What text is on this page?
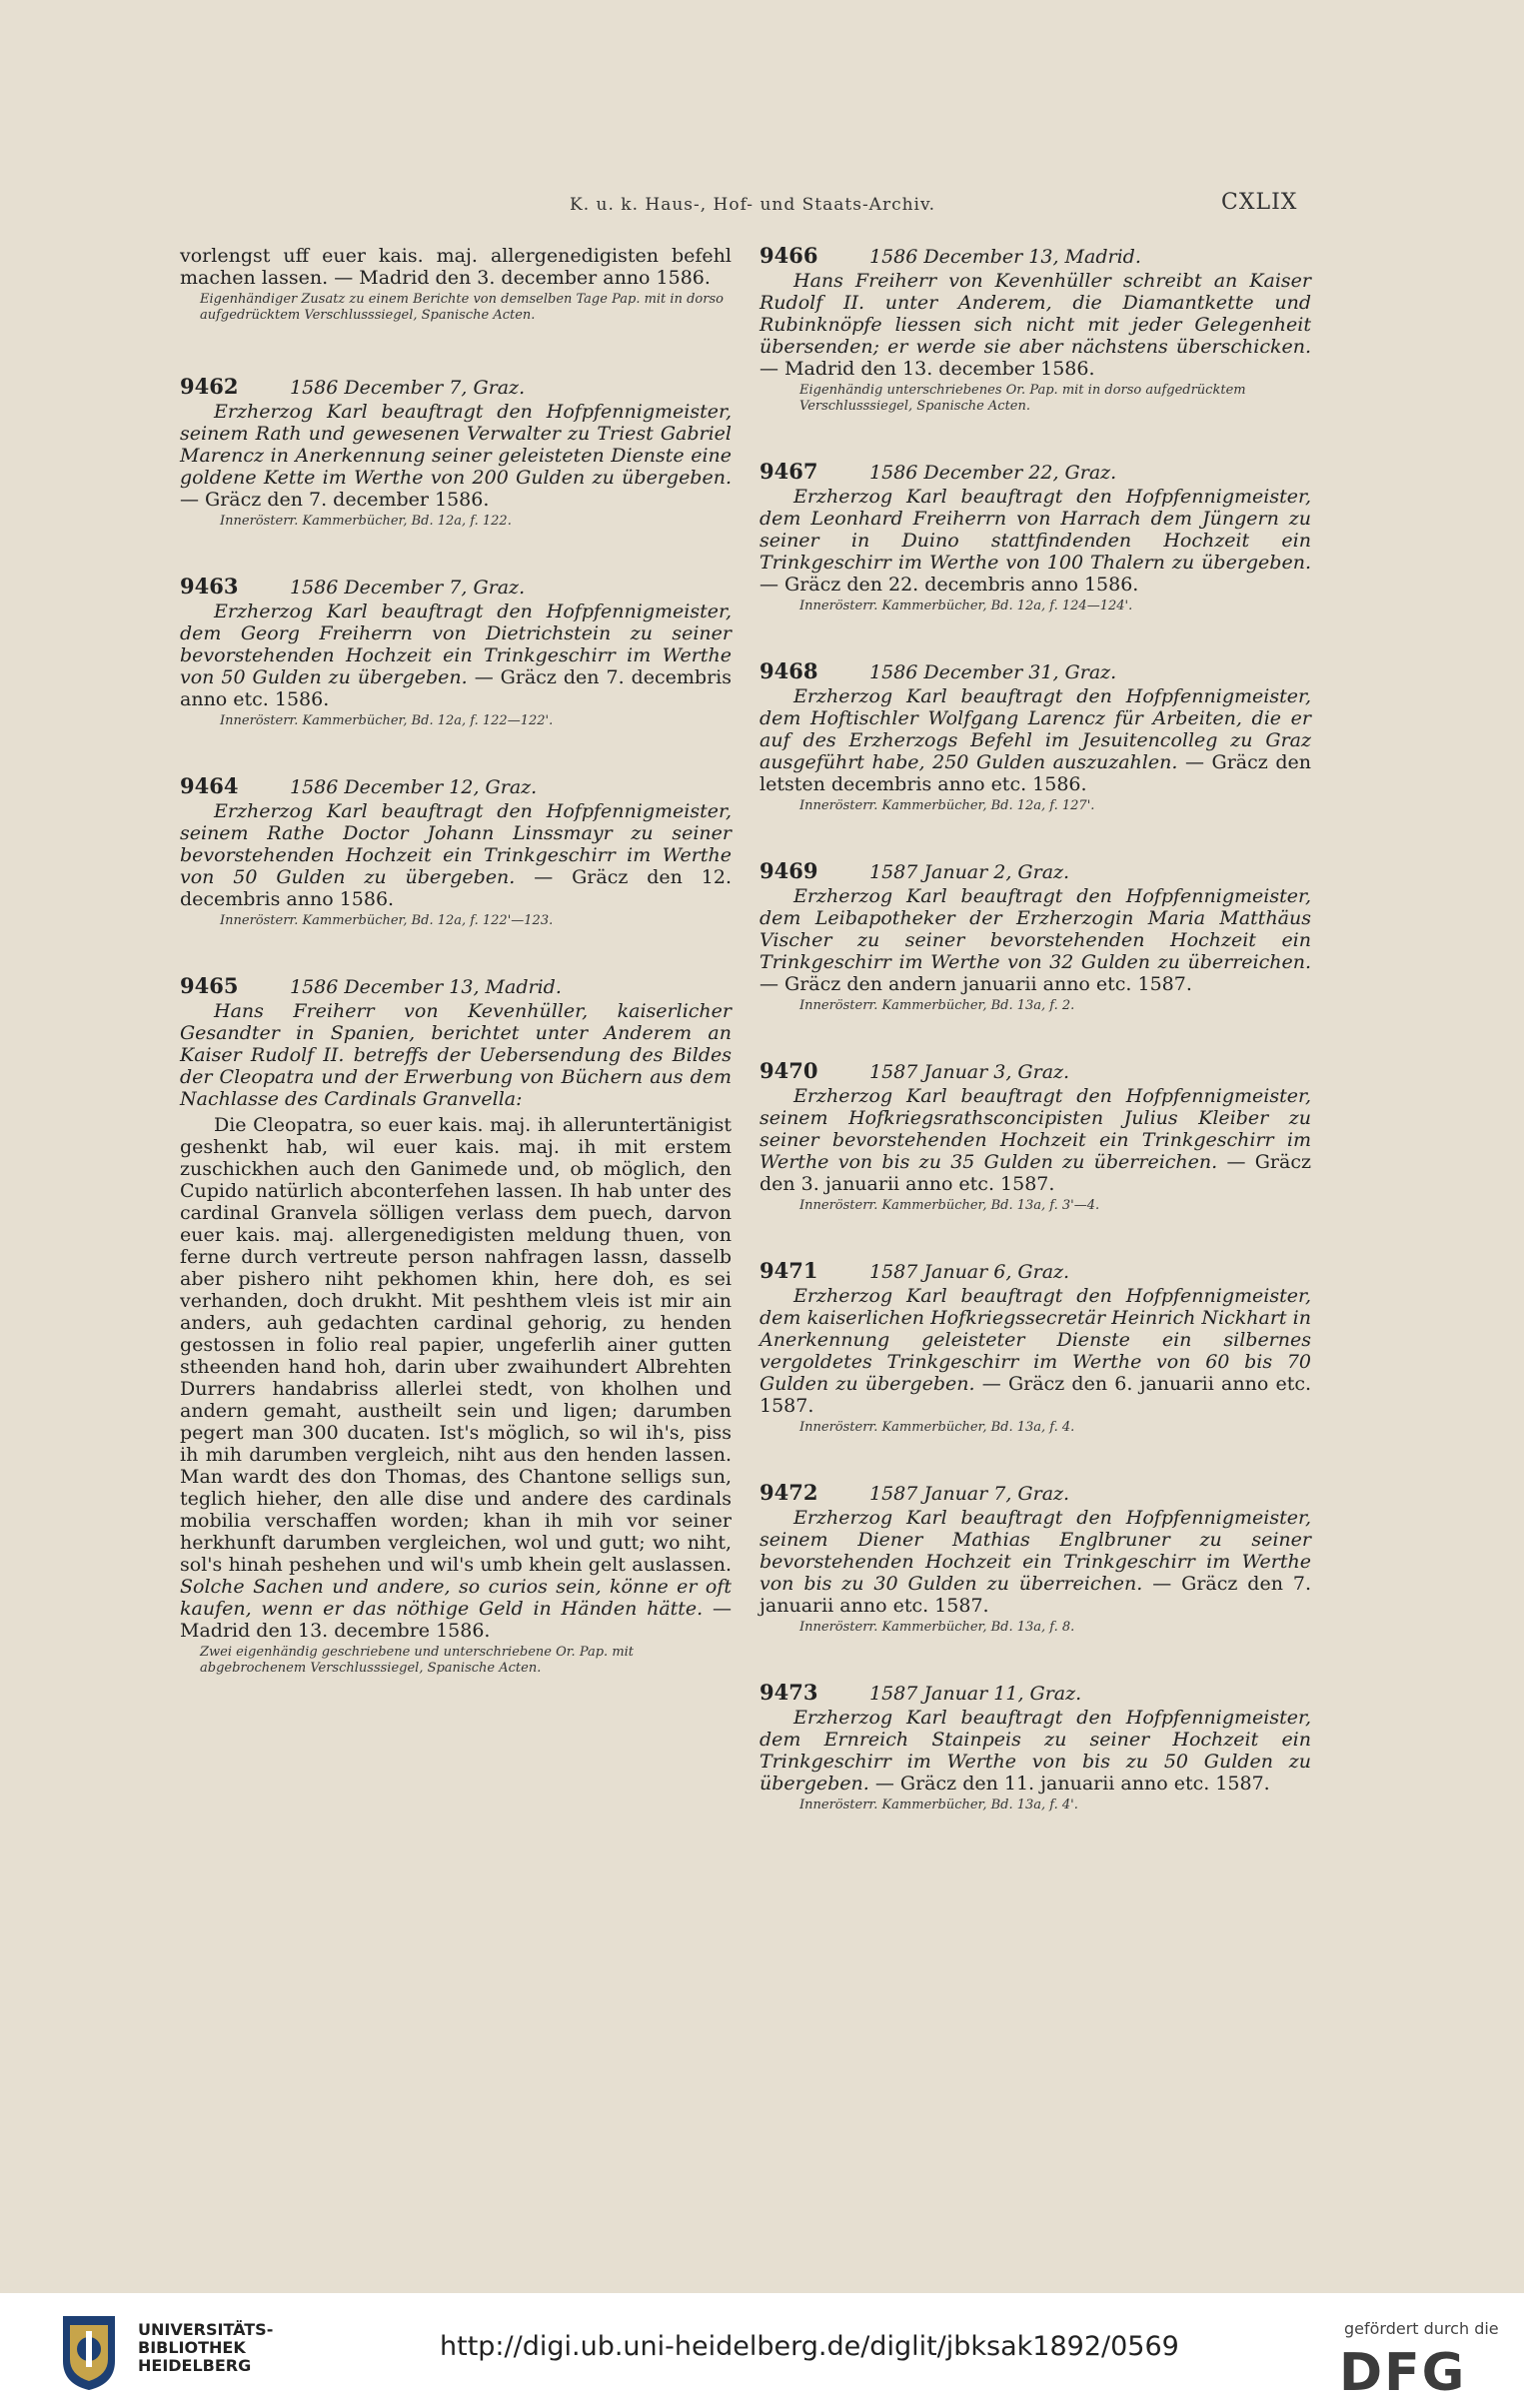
K. u. k. Haus-, Hof- und Staats-Archiv.	CXLIX

vorlengst uff euer kais. maj. allergenedigisten befehl machen lassen. — Madrid den 3. december anno 1586.

Eigenhändiger Zusatz zu einem Berichte von demselben Tage Pap. mit in dorso aufgedrücktem Verschlusssiegel, Spanische Acten.

9462	1586 December 7, Graz.

Erzherzog Karl beauftragt den Hofpfennigmeister, seinem Rath und gewesenen Verwalter zu Triest Gabriel Marencz in Anerkennung seiner geleisteten Dienste eine goldene Kette im Werthe von 200 Gulden zu übergeben. — Gräcz den 7. december 1586.

Innerösterr. Kammerbücher, Bd. 12a, f. 122.

9463	1586 December 7, Graz.

Erzherzog Karl beauftragt den Hofpfennigmeister, dem Georg Freiherrn von Dietrichstein zu seiner bevorstehenden Hochzeit ein Trinkgeschirr im Werthe von 50 Gulden zu übergeben. — Gräcz den 7. decembris anno etc. 1586.

Innerösterr. Kammerbücher, Bd. 12a, f. 122—122'.

9464	1586 December 12, Graz.

Erzherzog Karl beauftragt den Hofpfennigmeister, seinem Rathe Doctor Johann Linssmayr zu seiner bevorstehenden Hochzeit ein Trinkgeschirr im Werthe von 50 Gulden zu übergeben. — Gräcz den 12. decembris anno 1586.

Innerösterr. Kammerbücher, Bd. 12a, f. 122'—123.

9465	1586 December 13, Madrid.

Hans Freiherr von Kevenhüller, kaiserlicher Gesandter in Spanien, berichtet unter Anderem an Kaiser Rudolf II. betreffs der Uebersendung des Bildes der Cleopatra und der Erwerbung von Büchern aus dem Nachlasse des Cardinals Granvella:

Die Cleopatra, so euer kais. maj. ih alleruntertänigist geshenkt hab, wil euer kais. maj. ih mit erstem zuschickhen auch den Ganimede und, ob möglich, den Cupido natürlich abconterfehen lassen. Ih hab unter des cardinal Granvela sölligen verlass dem puech, darvon euer kais. maj. allergenedigisten meldung thuen, von ferne durch vertreute person nahfragen lassn, dasselb aber pishero niht pekhomen khin, here doh, es sei verhanden, doch drukht. Mit peshthem vleis ist mir ain anders, auh gedachten cardinal gehorig, zu henden gestossen in folio real papier, ungeferlih ainer gutten stheenden hand hoh, darin uber zwaihundert Albrehten Durrers handabriss allerlei stedt, von kholhen und andern gemaht, austheilt sein und ligen; darumben pegert man 300 ducaten. Ist's möglich, so wil ih's, piss ih mih darumben vergleich, niht aus den henden lassen. Man wardt des don Thomas, des Chantone selligs sun, teglich hieher, den alle dise und andere des cardinals mobilia verschaffen worden; khan ih mih vor seiner herkhunft darumben vergleichen, wol und gutt; wo niht, sol's hinah peshehen und wil's umb khein gelt auslassen. Solche Sachen und andere, so curios sein, könne er oft kaufen, wenn er das nöthige Geld in Händen hätte. — Madrid den 13. decembre 1586.

Zwei eigenhändig geschriebene und unterschriebene Or. Pap. mit abgebrochenem Verschlusssiegel, Spanische Acten.

9466	1586 December 13, Madrid.

Hans Freiherr von Kevenhüller schreibt an Kaiser Rudolf II. unter Anderem, die Diamantkette und Rubinknöpfe liessen sich nicht mit jeder Gelegenheit übersenden; er werde sie aber nächstens überschicken. — Madrid den 13. december 1586.

Eigenhändig unterschriebenes Or. Pap. mit in dorso aufgedrücktem Verschlusssiegel, Spanische Acten.

9467	1586 December 22, Graz.

Erzherzog Karl beauftragt den Hofpfennigmeister, dem Leonhard Freiherrn von Harrach dem Jüngern zu seiner in Duino stattfindenden Hochzeit ein Trinkgeschirr im Werthe von 100 Thalern zu übergeben. — Gräcz den 22. decembris anno 1586.

Innerösterr. Kammerbücher, Bd. 12a, f. 124—124'.

9468	1586 December 31, Graz.

Erzherzog Karl beauftragt den Hofpfennigmeister, dem Hoftischler Wolfgang Larencz für Arbeiten, die er auf des Erzherzogs Befehl im Jesuitencolleg zu Graz ausgeführt habe, 250 Gulden auszuzahlen. — Gräcz den letsten decembris anno etc. 1586.

Innerösterr. Kammerbücher, Bd. 12a, f. 127'.

9469	1587 Januar 2, Graz.

Erzherzog Karl beauftragt den Hofpfennigmeister, dem Leibapotheker der Erzherzogin Maria Matthäus Vischer zu seiner bevorstehenden Hochzeit ein Trinkgeschirr im Werthe von 32 Gulden zu überreichen. — Gräcz den andern januarii anno etc. 1587.

Innerösterr. Kammerbücher, Bd. 13a, f. 2.

9470	1587 Januar 3, Graz.

Erzherzog Karl beauftragt den Hofpfennigmeister, seinem Hofkriegsrathsconcipisten Julius Kleiber zu seiner bevorstehenden Hochzeit ein Trinkgeschirr im Werthe von bis zu 35 Gulden zu überreichen. — Gräcz den 3. januarii anno etc. 1587.

Innerösterr. Kammerbücher, Bd. 13a, f. 3'—4.

9471	1587 Januar 6, Graz.

Erzherzog Karl beauftragt den Hofpfennigmeister, dem kaiserlichen Hofkriegssecretär Heinrich Nickhart in Anerkennung geleisteter Dienste ein silbernes vergoldetes Trinkgeschirr im Werthe von 60 bis 70 Gulden zu übergeben. — Gräcz den 6. januarii anno etc. 1587.

Innerösterr. Kammerbücher, Bd. 13a, f. 4.

9472	1587 Januar 7, Graz.

Erzherzog Karl beauftragt den Hofpfennigmeister, seinem Diener Mathias Englbruner zu seiner bevorstehenden Hochzeit ein Trinkgeschirr im Werthe von bis zu 30 Gulden zu überreichen. — Gräcz den 7. januarii anno etc. 1587.

Innerösterr. Kammerbücher, Bd. 13a, f. 8.

9473	1587 Januar 11, Graz.

Erzherzog Karl beauftragt den Hofpfennigmeister, dem Ernreich Stainpeis zu seiner Hochzeit ein Trinkgeschirr im Werthe von bis zu 50 Gulden zu übergeben. — Gräcz den 11. januarii anno etc. 1587.

Innerösterr. Kammerbücher, Bd. 13a, f. 4'.

UNIVERSITÄTS-
BIBLIOTHEK
HEIDELBERG
http://digi.ub.uni-heidelberg.de/diglit/jbksak1892/0569
gefördert durch die
DFG
